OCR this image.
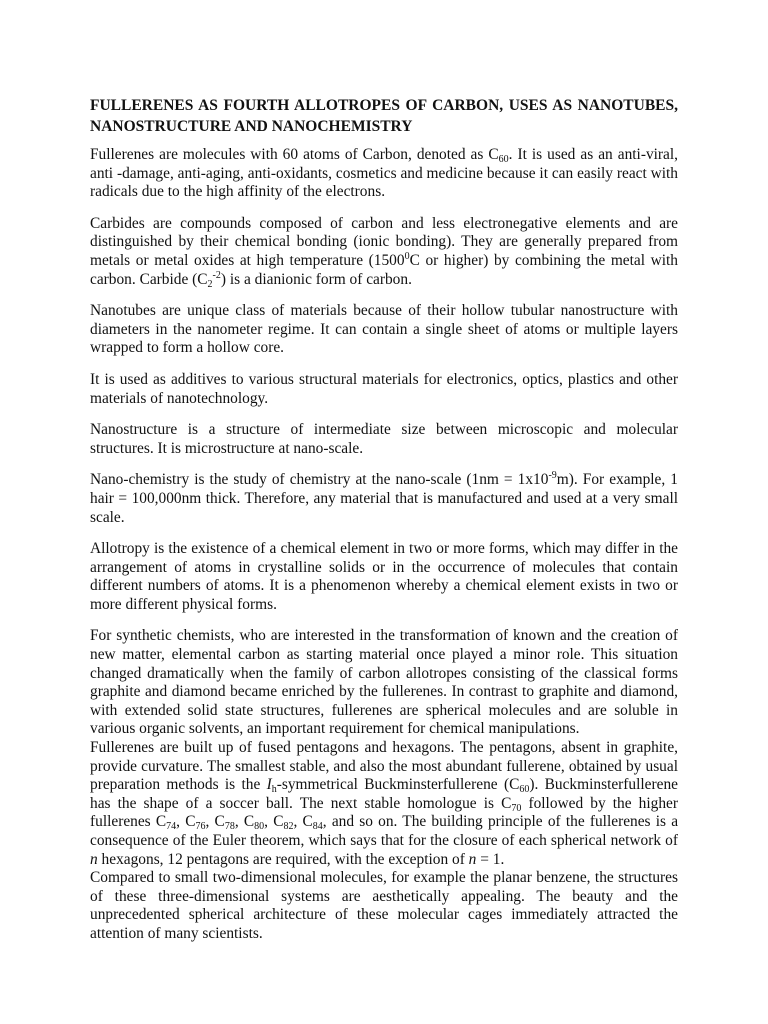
FULLERENES AS FOURTH ALLOTROPES OF CARBON, USES AS NANOTUBES, NANOSTRUCTURE AND NANOCHEMISTRY

Fullerenes are molecules with 60 atoms of Carbon, denoted as $C_{60}$. It is used as an anti-viral, anti -damage, anti-aging, anti-oxidants, cosmetics and medicine because it can easily react with radicals due to the high affinity of the electrons.

Carbides are compounds composed of carbon and less electronegative elements and are distinguished by their chemical bonding (ionic bonding). They are generally prepared from metals or metal oxides at high temperature (1500$^0$C or higher) by combining the metal with carbon. Carbide $(C_2^{-2})$ is a dianionic form of carbon.

Nanotubes are unique class of materials because of their hollow tubular nanostructure with diameters in the nanometer regime. It can contain a single sheet of atoms or multiple layers wrapped to form a hollow core.

It is used as additives to various structural materials for electronics, optics, plastics and other materials of nanotechnology.

Nanostructure is a structure of intermediate size between microscopic and molecular structures. It is microstructure at nano-scale.

Nano-chemistry is the study of chemistry at the nano-scale $(1nm = 1x10^{-9}m)$. For example, 1 hair = 100,000nm thick. Therefore, any material that is manufactured and used at a very small scale.

Allotropy is the existence of a chemical element in two or more forms, which may differ in the arrangement of atoms in crystalline solids or in the occurrence of molecules that contain different numbers of atoms. It is a phenomenon whereby a chemical element exists in two or more different physical forms.

For synthetic chemists, who are interested in the transformation of known and the creation of new matter, elemental carbon as starting material once played a minor role. This situation changed dramatically when the family of carbon allotropes consisting of the classical forms graphite and diamond became enriched by the fullerenes. In contrast to graphite and diamond, with extended solid state structures, fullerenes are spherical molecules and are soluble in various organic solvents, an important requirement for chemical manipulations.

Fullerenes are built up of fused pentagons and hexagons. The pentagons, absent in graphite, provide curvature. The smallest stable, and also the most abundant fullerene, obtained by usual preparation methods is the $I_h$-symmetrical Buckminsterfullerene $(C_{60})$. Buckminsterfullerene has the shape of a soccer ball. The next stable homologue is $C_{70}$ followed by the higher fullerenes $C_{74}$, $C_{76}$, $C_{78}$, $C_{80}$, $C_{82}$, $C_{84}$, and so on. The building principle of the fullerenes is a consequence of the Euler theorem, which says that for the closure of each spherical network of n hexagons, 12 pentagons are required, with the exception of n = 1.

Compared to small two-dimensional molecules, for example the planar benzene, the structures of these three-dimensional systems are aesthetically appealing. The beauty and the unprecedented spherical architecture of these molecular cages immediately attracted the attention of many scientists.
